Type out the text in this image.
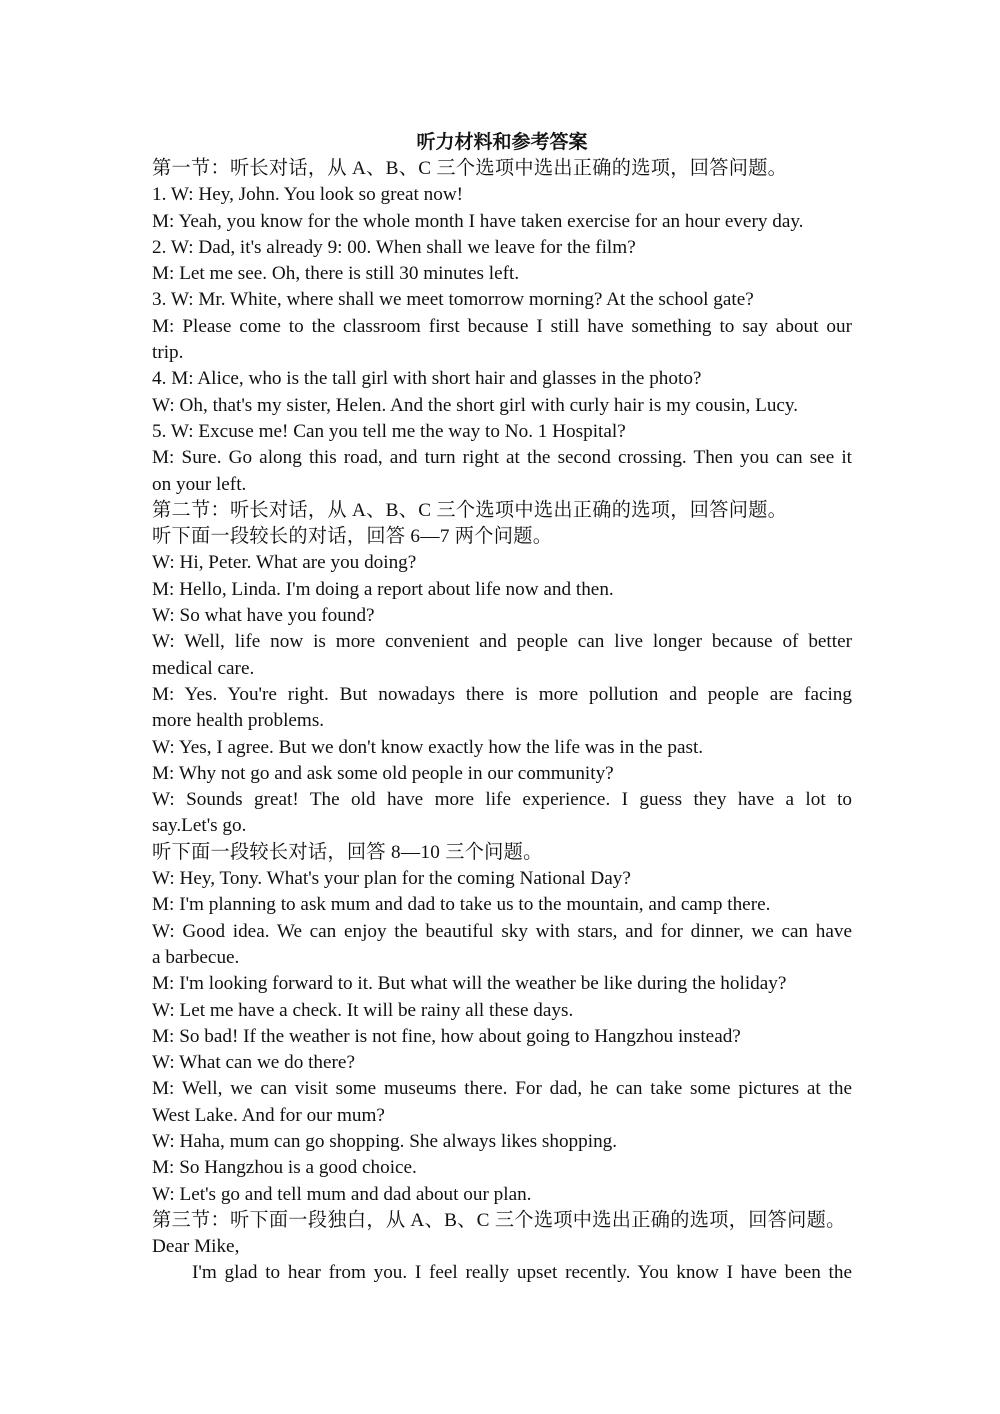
听力材料和参考答案

第一节：听长对话，从 A、B、C 三个选项中选出正确的选项，回答问题。

1. W: Hey, John. You look so great now!

M: Yeah, you know for the whole month I have taken exercise for an hour every day.

2. W: Dad, it's already 9: 00. When shall we leave for the film?

M: Let me see. Oh, there is still 30 minutes left.

3. W: Mr. White, where shall we meet tomorrow morning? At the school gate?

M: Please come to the classroom first because I still have something to say about our

trip.

4. M: Alice, who is the tall girl with short hair and glasses in the photo?

W: Oh, that's my sister, Helen. And the short girl with curly hair is my cousin, Lucy.

5. W: Excuse me! Can you tell me the way to No. 1 Hospital?

M: Sure. Go along this road, and turn right at the second crossing. Then you can see it

on your left.

第二节：听长对话，从 A、B、C 三个选项中选出正确的选项，回答问题。

听下面一段较长的对话，回答 6—7 两个问题。

W: Hi, Peter. What are you doing?

M: Hello, Linda. I'm doing a report about life now and then.

W: So what have you found?

W: Well, life now is more convenient and people can live longer because of better

medical care.

M: Yes. You're right. But nowadays there is more pollution and people are facing

more health problems.

W: Yes, I agree. But we don't know exactly how the life was in the past.

M: Why not go and ask some old people in our community?

W: Sounds great! The old have more life experience. I guess they have a lot to

say.Let's go.

听下面一段较长对话，回答 8—10 三个问题。

W: Hey, Tony. What's your plan for the coming National Day?

M: I'm planning to ask mum and dad to take us to the mountain, and camp there.

W: Good idea. We can enjoy the beautiful sky with stars, and for dinner, we can have

a barbecue.

M: I'm looking forward to it. But what will the weather be like during the holiday?

W: Let me have a check. It will be rainy all these days.

M: So bad! If the weather is not fine, how about going to Hangzhou instead?

W: What can we do there?

M: Well, we can visit some museums there. For dad, he can take some pictures at the

West Lake. And for our mum?

W: Haha, mum can go shopping. She always likes shopping.

M: So Hangzhou is a good choice.

W: Let's go and tell mum and dad about our plan.

第三节：听下面一段独白，从 A、B、C 三个选项中选出正确的选项，回答问题。

Dear Mike,

I'm glad to hear from you. I feel really upset recently. You know I have been the
